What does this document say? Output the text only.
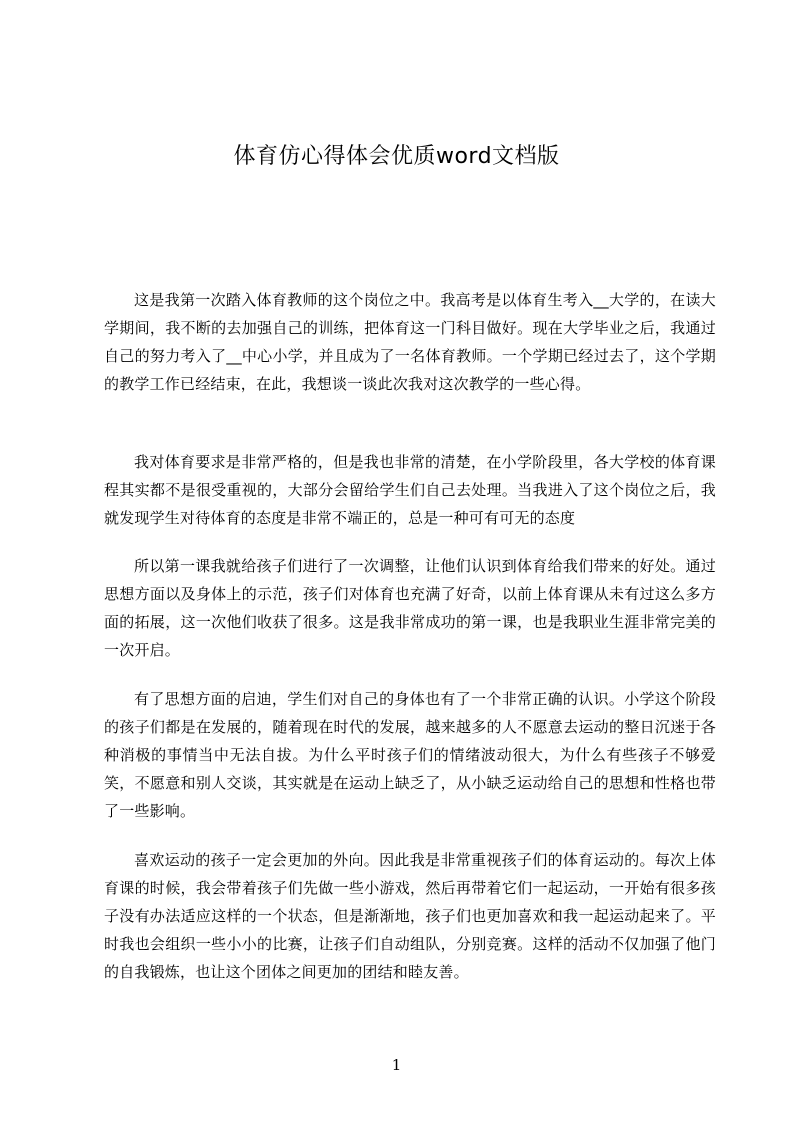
体育仿心得体会优质word文档版

这是我第一次踏入体育教师的这个岗位之中。我高考是以体育生考入__大学的，在读大学期间，我不断的去加强自己的训练，把体育这一门科目做好。现在大学毕业之后，我通过自己的努力考入了__中心小学，并且成为了一名体育教师。一个学期已经过去了，这个学期的教学工作已经结束，在此，我想谈一谈此次我对这次教学的一些心得。

我对体育要求是非常严格的，但是我也非常的清楚，在小学阶段里，各大学校的体育课程其实都不是很受重视的，大部分会留给学生们自己去处理。当我进入了这个岗位之后，我就发现学生对待体育的态度是非常不端正的，总是一种可有可无的态度

所以第一课我就给孩子们进行了一次调整，让他们认识到体育给我们带来的好处。通过思想方面以及身体上的示范，孩子们对体育也充满了好奇，以前上体育课从未有过这么多方面的拓展，这一次他们收获了很多。这是我非常成功的第一课，也是我职业生涯非常完美的一次开启。

有了思想方面的启迪，学生们对自己的身体也有了一个非常正确的认识。小学这个阶段的孩子们都是在发展的，随着现在时代的发展，越来越多的人不愿意去运动的整日沉迷于各种消极的事情当中无法自拔。为什么平时孩子们的情绪波动很大，为什么有些孩子不够爱笑，不愿意和别人交谈，其实就是在运动上缺乏了，从小缺乏运动给自己的思想和性格也带了一些影响。

喜欢运动的孩子一定会更加的外向。因此我是非常重视孩子们的体育运动的。每次上体育课的时候，我会带着孩子们先做一些小游戏，然后再带着它们一起运动，一开始有很多孩子没有办法适应这样的一个状态，但是渐渐地，孩子们也更加喜欢和我一起运动起来了。平时我也会组织一些小小的比赛，让孩子们自动组队，分别竞赛。这样的活动不仅加强了他门的自我锻炼，也让这个团体之间更加的团结和睦友善。

1
